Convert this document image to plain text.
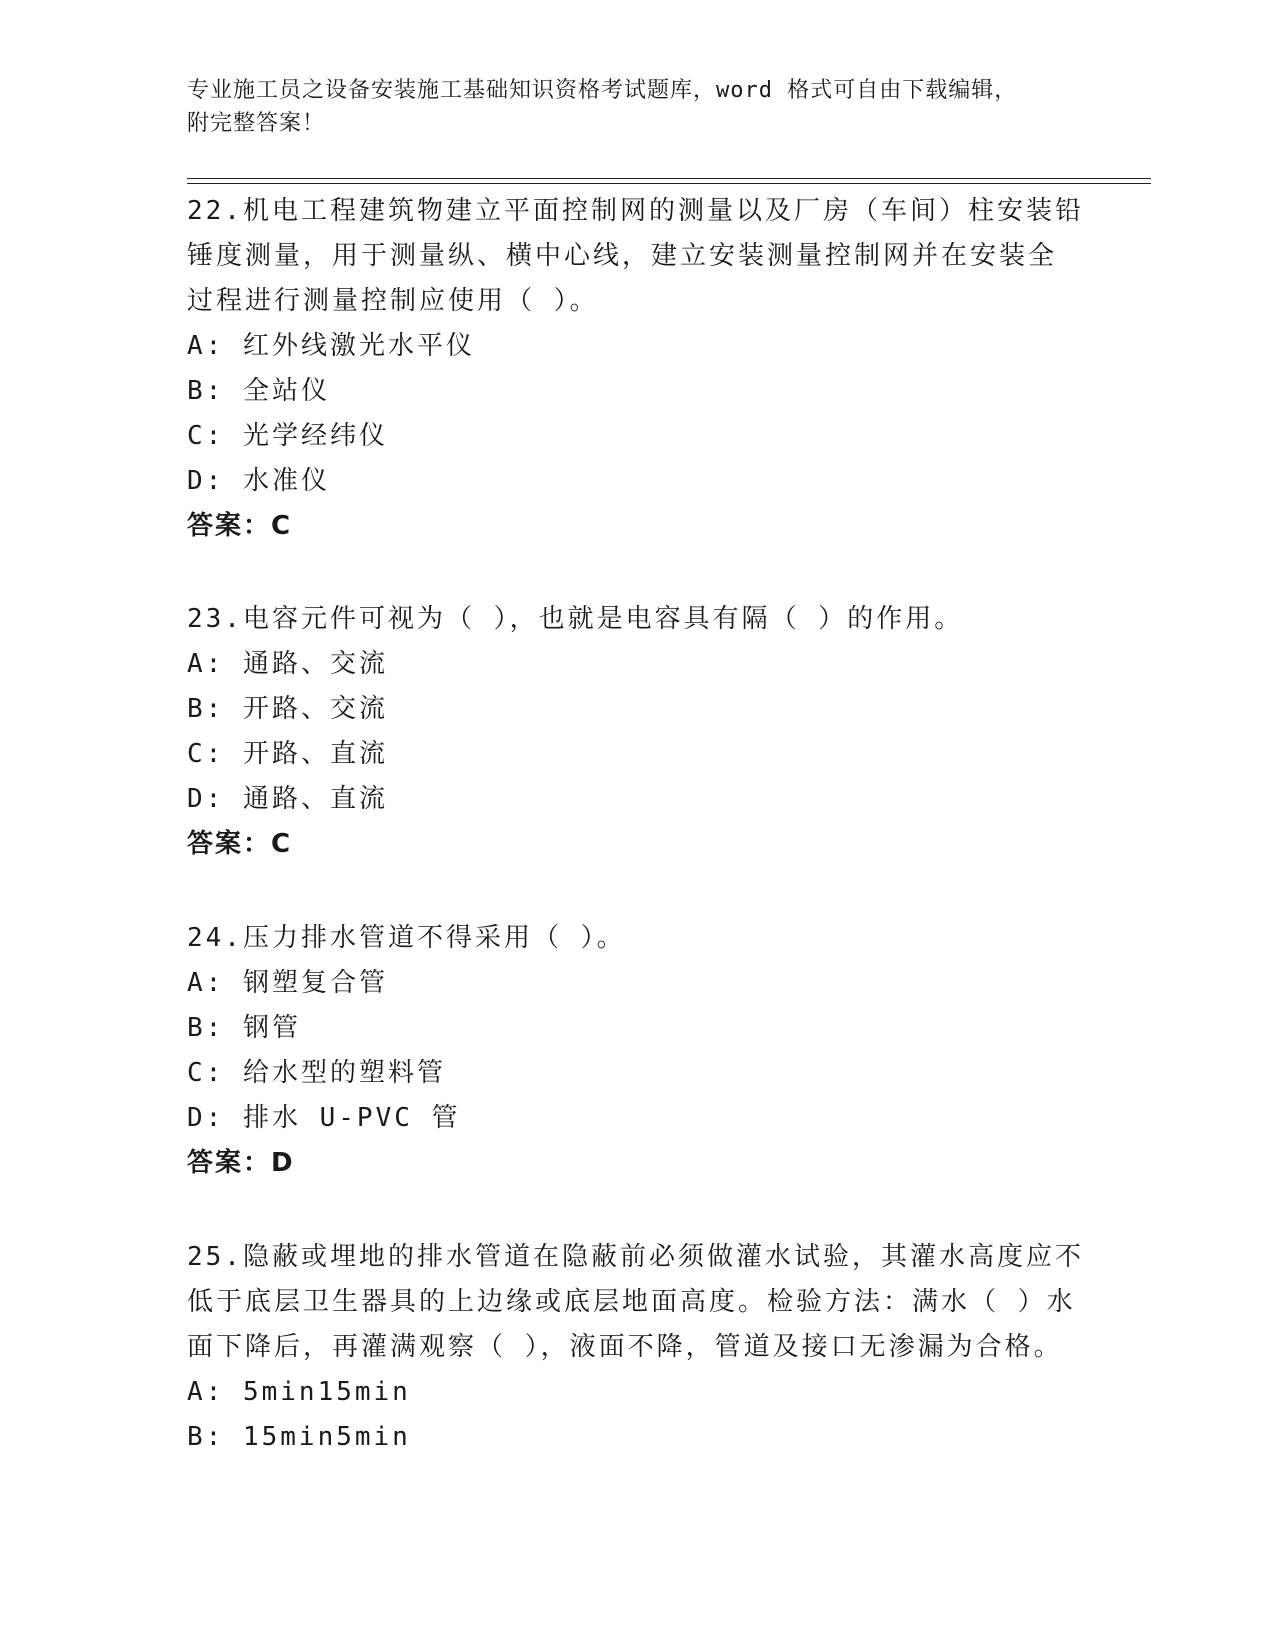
专业施工员之设备安装施工基础知识资格考试题库，word 格式可自由下载编辑，
附完整答案！

22.机电工程建筑物建立平面控制网的测量以及厂房（车间）柱安装铅

锤度测量，用于测量纵、横中心线，建立安装测量控制网并在安装全

过程进行测量控制应使用（ ）。

A: 红外线激光水平仪

B: 全站仪

C: 光学经纬仪

D: 水准仪

答案：C

23.电容元件可视为（ ），也就是电容具有隔（ ）的作用。

A: 通路、交流

B: 开路、交流

C: 开路、直流

D: 通路、直流

答案：C

24.压力排水管道不得采用（ ）。

A: 钢塑复合管

B: 钢管

C: 给水型的塑料管

D: 排水 U-PVC 管

答案：D

25.隐蔽或埋地的排水管道在隐蔽前必须做灌水试验，其灌水高度应不

低于底层卫生器具的上边缘或底层地面高度。检验方法：满水（ ）水

面下降后，再灌满观察（ ），液面不降，管道及接口无渗漏为合格。

A: 5min15min

B: 15min5min
